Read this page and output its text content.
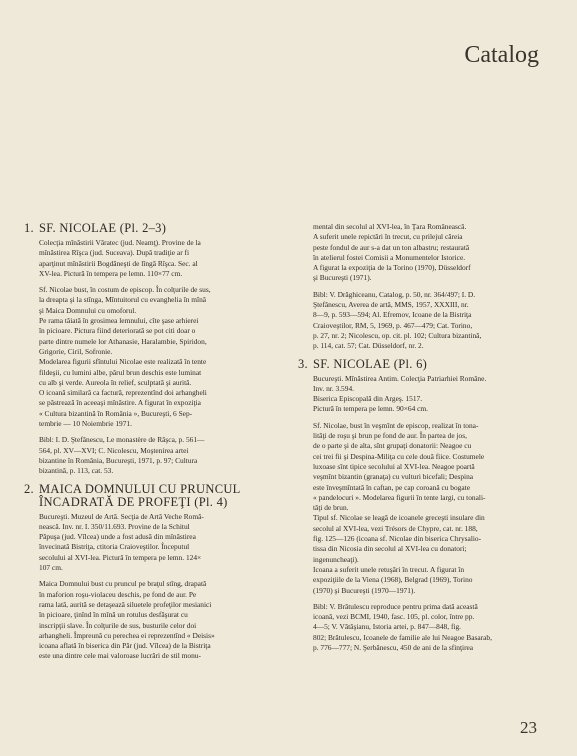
Catalog
1. SF. NICOLAE (Pl. 2–3)
Colecţia mînăstirii Văratec (jud. Neamţ). Provine de la
mînăstirea Rîşca (jud. Suceava). După tradiţie ar fi
aparţinut mînăstirii Bogdăneşti de lîngă Rîşca. Sec. al
XV-lea. Pictură în tempera pe lemn. 110×77 cm.
Sf. Nicolae bust, în costum de episcop. În colţurile de sus,
la dreapta şi la stînga, Mîntuitorul cu evanghelia în mînă
şi Maica Domnului cu omoforul.
Pe rama tăiată în grosimea lemnului, cîte şase arhierei
în picioare. Pictura fiind deteriorată se pot citi doar o
parte dintre numele lor Athanasie, Haralambie, Spiridon,
Grigorie, Ciril, Sofronie.
Modelarea figurii sfîntului Nicolae este realizată în tente
fildeşii, cu lumini albe, părul brun deschis este luminat
cu alb şi verde. Aureola în relief, sculptată şi aurită.
O icoană similară ca factură, reprezentînd doi arhangheli
se păstrează în aceeaşi mînăstire. A figurat în expoziţia
« Cultura bizantină în România », Bucureşti, 6 Sep-
tembrie — 10 Noiembrie 1971.
Bibl: I. D. Ştefănescu, Le monastère de Râşca, p. 561—
564, pl. XV—XVI; C. Nicolescu, Moştenirea artei
bizantine în România, Bucureşti, 1971, p. 97; Cultura
bizantină, p. 113, cat. 53.
2. MAICA DOMNULUI CU PRUNCUL ÎNCADRATĂ DE PROFEŢI (Pl. 4)
Bucureşti. Muzeul de Artă. Secţia de Artă Veche Romă-
nească. Inv. nr. I. 350/11.693. Provine de la Schitul
Păpuşa (jud. Vîlcea) unde a fost adusă din mînăstirea
învecinată Bistriţa, ctitoria Craioveştilor. Începutul
secolului al XVI-lea. Pictură în tempera pe lemn. 124×
107 cm.
Maica Domnului bust cu pruncul pe braţul stîng, drapată
în maforion roşu-violaceu deschis, pe fond de aur. Pe
rama lată, aurită se detaşează siluetele profeţilor mesianici
în picioare, ţinînd în mînă un rotulus desfăşurat cu
inscripţii slave. În colţurile de sus, busturile celor doi
arhangheli. Împreună cu perechea ei reprezentînd « Deisis»
icoana aflată în biserica din Păr (jud. Vîlcea) de la Bistriţa
este una dintre cele mai valoroase lucrări de stil monu-
mental din secolul al XVI-lea, în Ţara Românească.
A suferit unele repictări în trecut, cu prilejul căreia
peste fondul de aur s-a dat un ton albastru; restaurată
în atelierul fostei Comisii a Monumentelor Istorice.
A figurat la expoziţia de la Torino (1970), Düsseldorf
şi Bucureşti (1971).
Bibl: V. Drăghiceanu, Catalog, p. 50, nr. 364/497; I. D.
Ştefănescu, Averea de artă, MMS, 1957, XXXIII, nr.
8—9, p. 593—594; Al. Efremov, Icoane de la Bistriţa
Craioveştilor, RM, 5, 1969, p. 467—479; Cat. Torino,
p. 27, nr. 2; Nicolescu, op. cit. pl. 102; Cultura bizantină,
p. 114, cat. 57; Cat. Düsseldorf, nr. 2.
3. SF. NICOLAE (Pl. 6)
Bucureşti. Mînăstirea Antim. Colecţia Patriarhiei Române.
Inv. nr. 3.594.
Biserica Episcopală din Argeş. 1517.
Pictură în tempera pe lemn. 90×64 cm.
Sf. Nicolae, bust în veşmînt de episcop, realizat în tona-
lităţi de roşu şi brun pe fond de aur. În partea de jos,
de o parte şi de alta, sînt grupaţi donatorii: Neagoe cu
cei trei fii şi Despina-Miliţa cu cele două fiice. Costumele
luxoase sînt tipice secolului al XVI-lea. Neagoe poartă
veşmînt bizantin (granaţa) cu vulturi bicefali; Despina
este înveşmîntată în caftan, pe cap coroană cu bogate
« pandelocuri ». Modelarea figurii în tente largi, cu tonali-
tăţi de brun.
Tipul sf. Nicolae se leagă de icoanele greceşti insulare din
secolul al XVI-lea, vezi Trésors de Chypre, cat. nr. 188,
fig. 125—126 (icoana sf. Nicolae din biserica Chrysalio-
tissa din Nicosia din secolul al XVI-lea cu donatori;
ingenuncheaţi).
Icoana a suferit unele retuşări în trecut. A figurat în
expoziţiile de la Viena (1968), Belgrad (1969), Torino
(1970) şi Bucureşti (1970—1971).
Bibl: V. Brătulescu reproduce pentru prima dată această
icoană, vezi BCMI, 1940, fasc. 105, pl. color, între pp.
4—5; V. Vătăşianu, Istoria artei, p. 847—848, fig.
802; Brătulescu, Icoanele de familie ale lui Neagoe Basarab,
p. 776—777; N. Şerbănescu, 450 de ani de la sfinţirea
23
